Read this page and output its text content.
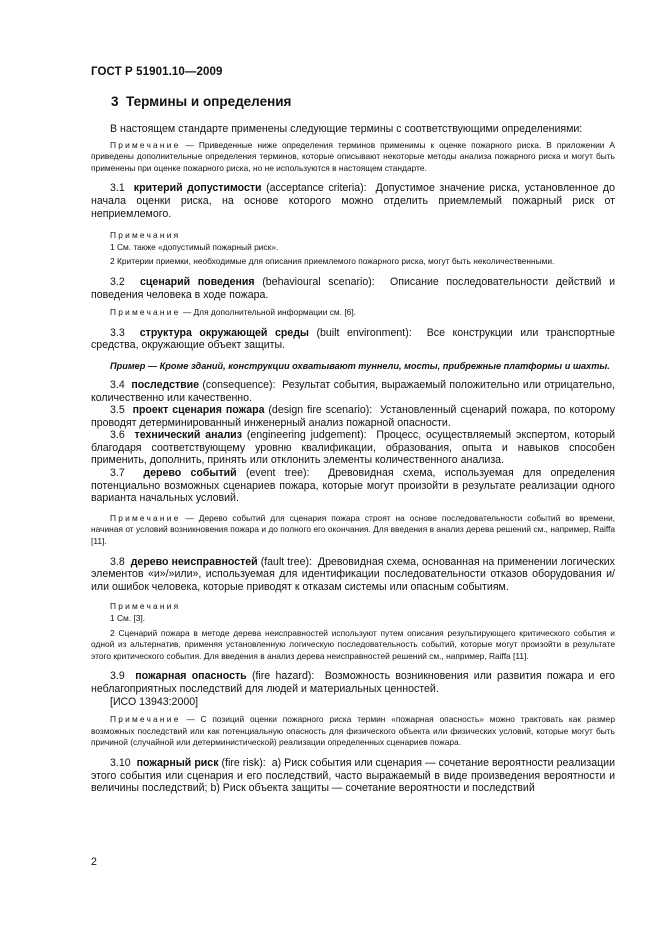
ГОСТ Р 51901.10—2009
3 Термины и определения

В настоящем стандарте применены следующие термины с соответствующими определениями:

Примечание — Приведенные ниже определения терминов применимы к оценке пожарного риска. В приложении А приведены дополнительные определения терминов, которые описывают некоторые методы анализа пожарного риска и могут быть применены при оценке пожарного риска, но не используются в настоящем стандарте.

3.1 критерий допустимости (acceptance criteria): Допустимое значение риска, установленное до начала оценки риска, на основе которого можно отделить приемлемый пожарный риск от неприемлемого.

Примечания

1 См. также «допустимый пожарный риск».

2 Критерии приемки, необходимые для описания приемлемого пожарного риска, могут быть неколичественными.

3.2 сценарий поведения (behavioural scenario): Описание последовательности действий и поведения человека в ходе пожара.

Примечание — Для дополнительной информации см. [6].

3.3 структура окружающей среды (built environment): Все конструкции или транспортные средства, окружающие объект защиты.

Пример — Кроме зданий, конструкции охватывают туннели, мосты, прибрежные платформы и шахты.

3.4 последствие (consequence): Результат события, выражаемый положительно или отрицательно, количественно или качественно.

3.5 проект сценария пожара (design fire scenario): Установленный сценарий пожара, по которому проводят детерминированный инженерный анализ пожарной опасности.

3.6 технический анализ (engineering judgement): Процесс, осуществляемый экспертом, который благодаря соответствующему уровню квалификации, образования, опыта и навыков способен применить, дополнить, принять или отклонить элементы количественного анализа.

3.7 дерево событий (event tree): Древовидная схема, используемая для определения потенциально возможных сценариев пожара, которые могут произойти в результате реализации одного варианта начальных условий.

Примечание — Дерево событий для сценария пожара строят на основе последовательности событий во времени, начиная от условий возникновения пожара и до полного его окончания. Для введения в анализ дерева решений см., например, Raiffa [11].

3.8 дерево неисправностей (fault tree): Древовидная схема, основанная на применении логических элементов «и»/»или», используемая для идентификации последовательности отказов оборудования и/или ошибок человека, которые приводят к отказам системы или опасным событиям.

Примечания

1 См. [3].

2 Сценарий пожара в методе дерева неисправностей используют путем описания результирующего критического события и одной из альтернатив, применяя установленную логическую последовательность событий, которые могут произойти в результате этого критического события. Для введения в анализ дерева неисправностей решений см., например, Raiffa [11].

3.9 пожарная опасность (fire hazard): Возможность возникновения или развития пожара и его неблагоприятных последствий для людей и материальных ценностей.

[ИСО 13943:2000]

Примечание — С позиций оценки пожарного риска термин «пожарная опасность» можно трактовать как размер возможных последствий или как потенциальную опасность для физического объекта или физических условий, которые могут быть причиной (случайной или детерминистической) реализации определенных сценариев пожара.

3.10 пожарный риск (fire risk): а) Риск события или сценария — сочетание вероятности реализации этого события или сценария и его последствий, часто выражаемый в виде произведения вероятности и величины последствий; b) Риск объекта защиты — сочетание вероятности и последствий

2
